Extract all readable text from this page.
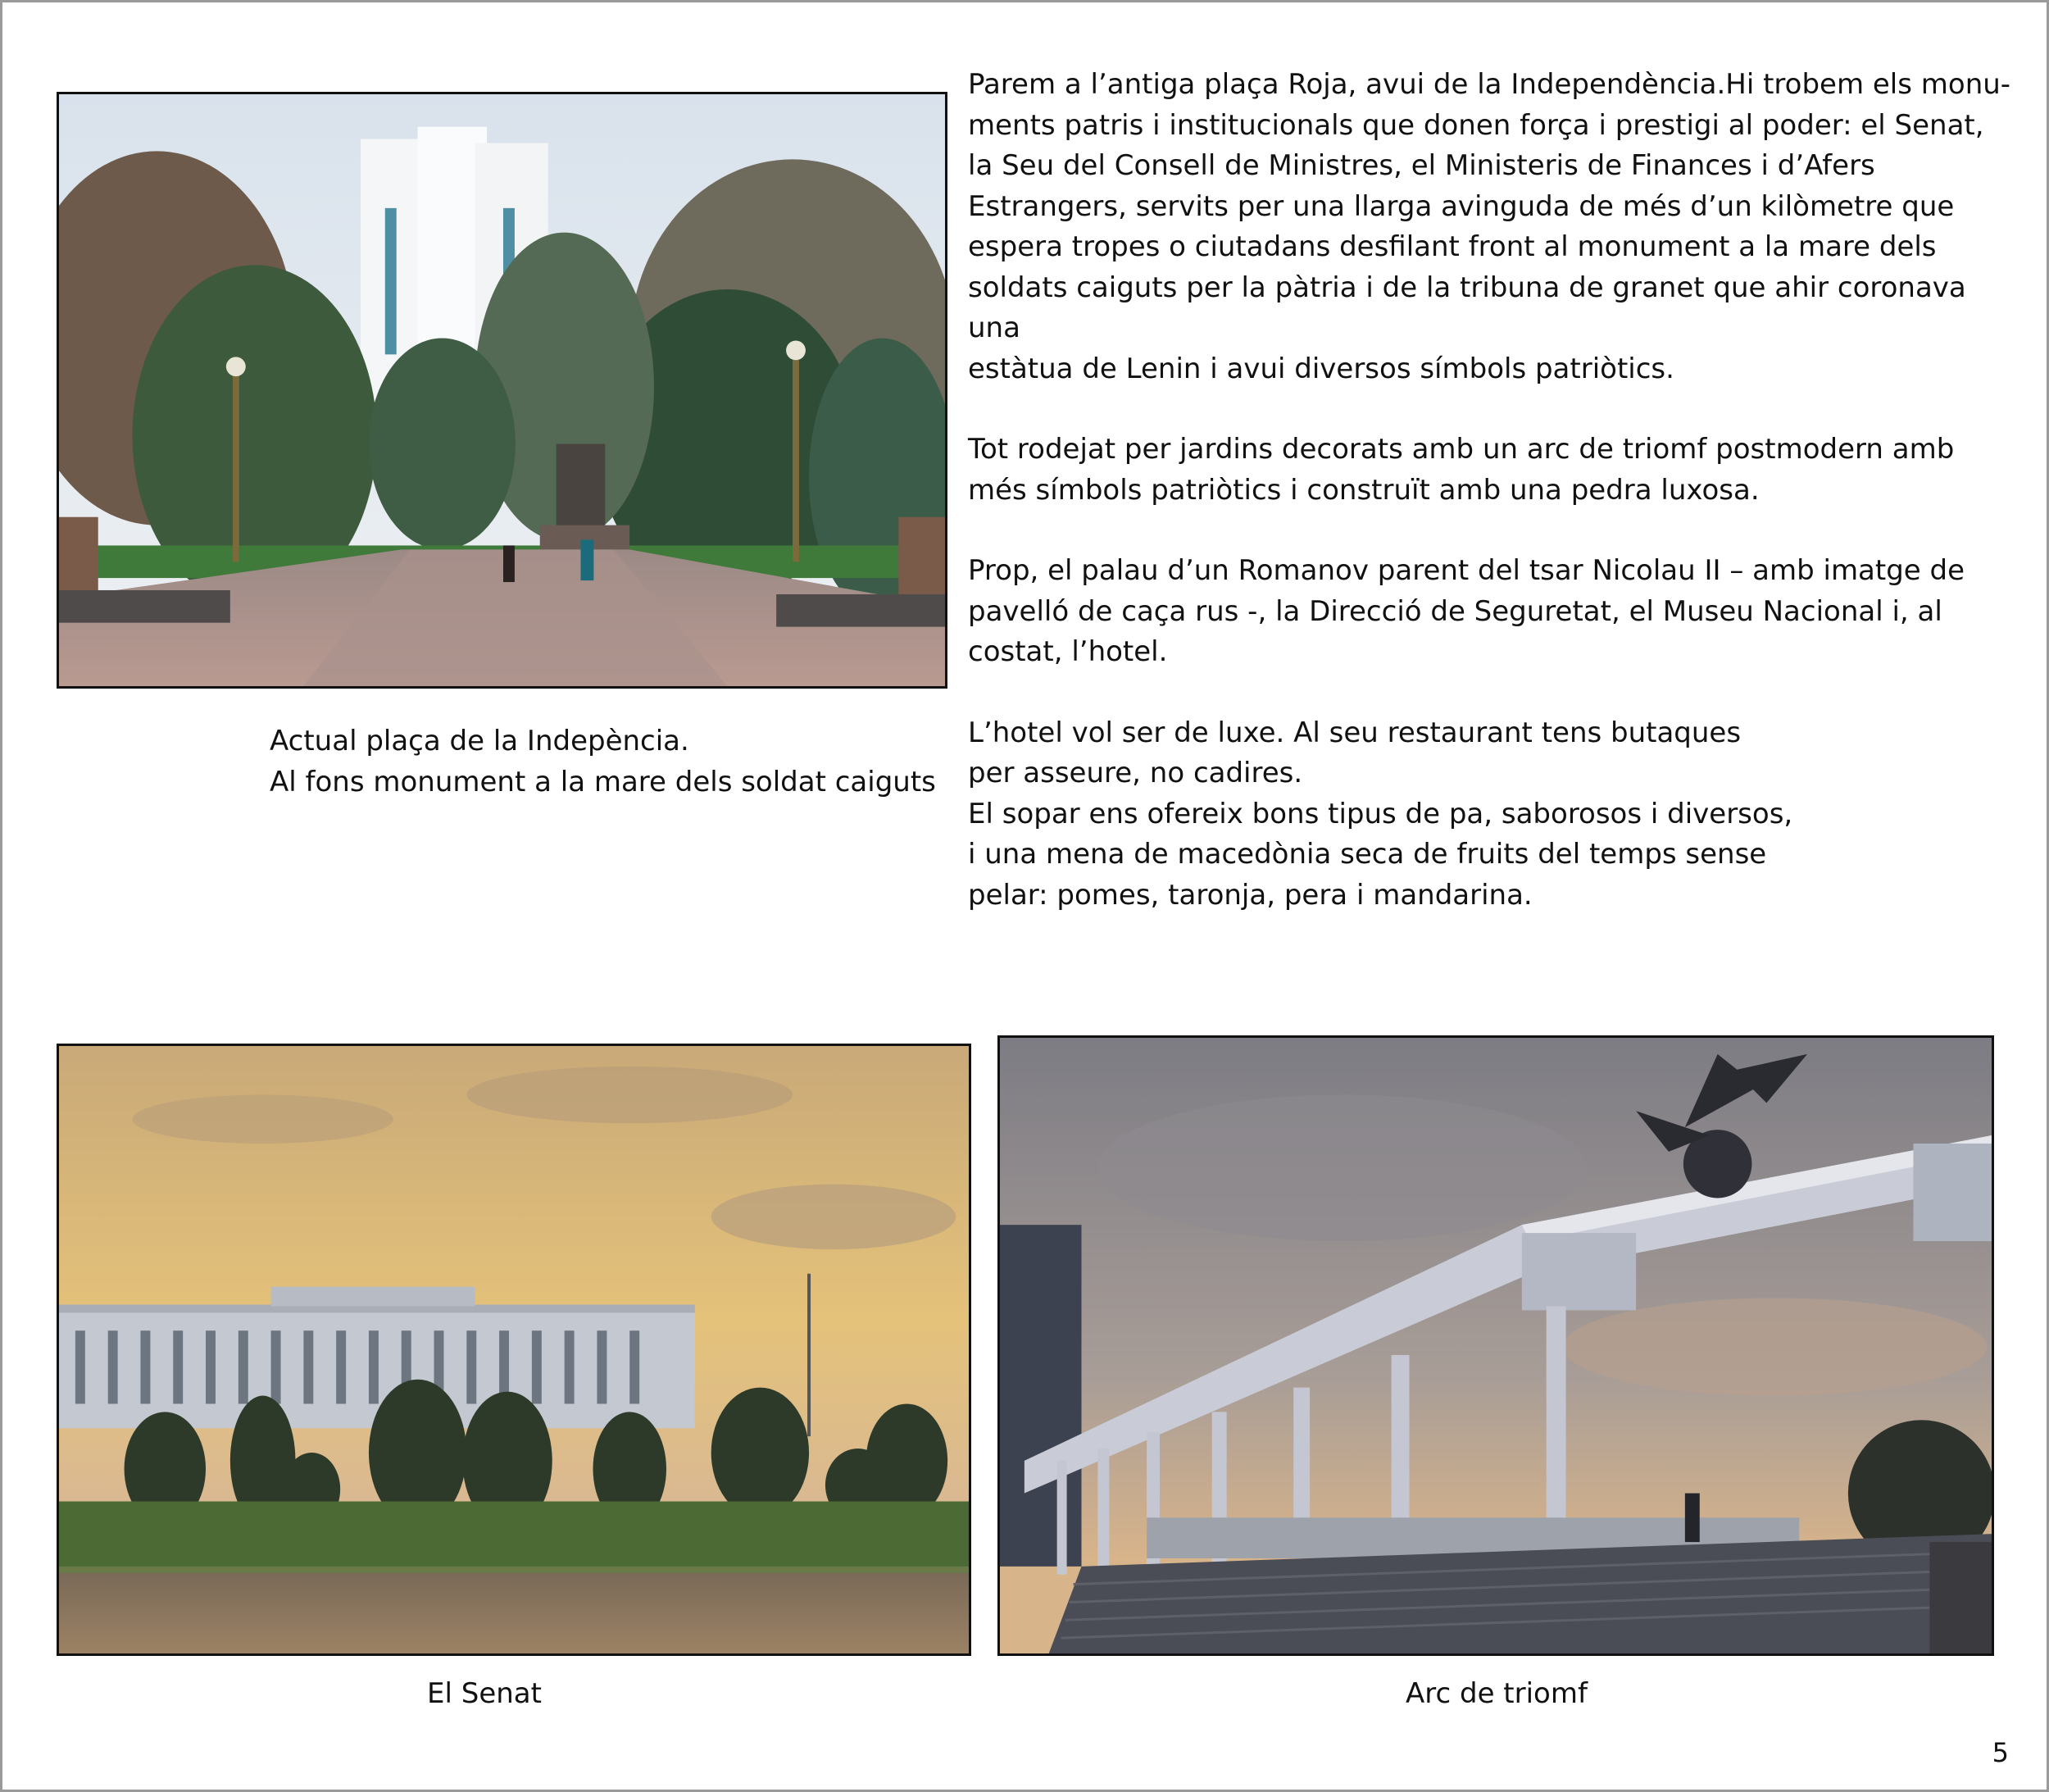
Actual plaça de la Indepència.
Al fons monument a la mare dels soldat caiguts

Parem a l’antiga plaça Roja, avui de la Independència.Hi trobem els monu-
ments patris i institucionals que donen força i prestigi al poder: el Senat,
la Seu del Consell de Ministres, el Ministeris de Finances i d’Afers
Estrangers, servits per una llarga avinguda de més d’un kilòmetre que
espera tropes o ciutadans desfilant front al monument a la mare dels
soldats caiguts per la pàtria i de la tribuna de granet que ahir coronava una
estàtua de Lenin i avui diversos símbols patriòtics.

Tot rodejat per jardins decorats amb un arc de triomf postmodern amb
més símbols patriòtics i construït amb una pedra luxosa.

Prop, el palau d’un Romanov parent del tsar Nicolau II – amb imatge de
pavelló de caça rus -, la Direcció de Seguretat, el Museu Nacional i, al
costat, l’hotel.

L’hotel vol ser de luxe. Al seu restaurant tens butaques
per asseure, no cadires.
El sopar ens ofereix bons tipus de pa, saborosos i diversos,
i una mena de macedònia seca de fruits del temps sense
pelar: pomes, taronja, pera i mandarina.

El Senat	Arc de triomf
5
